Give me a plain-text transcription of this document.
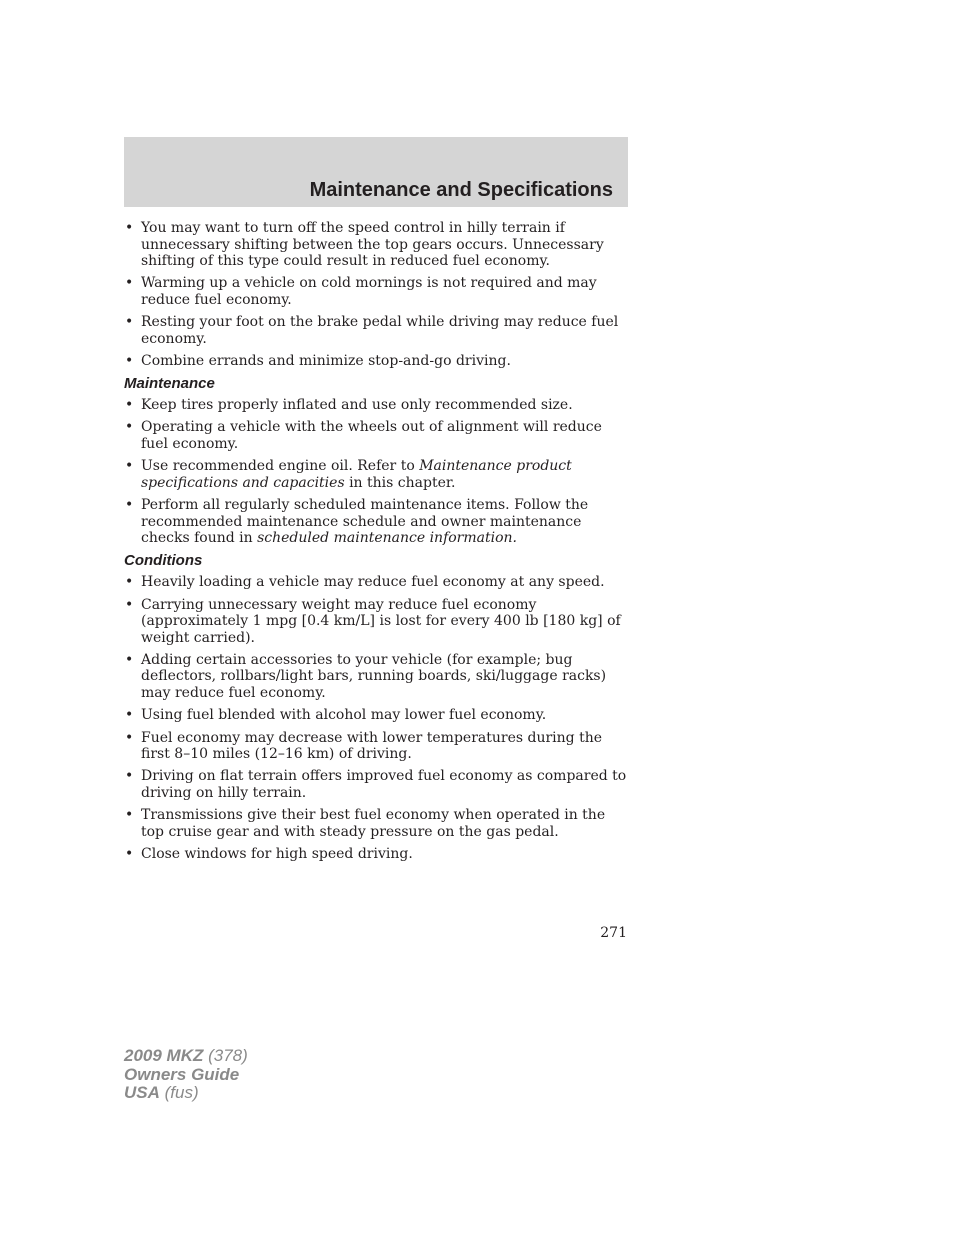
Maintenance and Specifications
• You may want to turn off the speed control in hilly terrain if unnecessary shifting between the top gears occurs. Unnecessary shifting of this type could result in reduced fuel economy.
• Warming up a vehicle on cold mornings is not required and may reduce fuel economy.
• Resting your foot on the brake pedal while driving may reduce fuel economy.
• Combine errands and minimize stop-and-go driving.
Maintenance
• Keep tires properly inflated and use only recommended size.
• Operating a vehicle with the wheels out of alignment will reduce fuel economy.
• Use recommended engine oil. Refer to Maintenance product specifications and capacities in this chapter.
• Perform all regularly scheduled maintenance items. Follow the recommended maintenance schedule and owner maintenance checks found in scheduled maintenance information.
Conditions
• Heavily loading a vehicle may reduce fuel economy at any speed.
• Carrying unnecessary weight may reduce fuel economy (approximately 1 mpg [0.4 km/L] is lost for every 400 lb [180 kg] of weight carried).
• Adding certain accessories to your vehicle (for example; bug deflectors, rollbars/light bars, running boards, ski/luggage racks) may reduce fuel economy.
• Using fuel blended with alcohol may lower fuel economy.
• Fuel economy may decrease with lower temperatures during the first 8–10 miles (12–16 km) of driving.
• Driving on flat terrain offers improved fuel economy as compared to driving on hilly terrain.
• Transmissions give their best fuel economy when operated in the top cruise gear and with steady pressure on the gas pedal.
• Close windows for high speed driving.
271
2009 MKZ (378)
Owners Guide
USA (fus)
